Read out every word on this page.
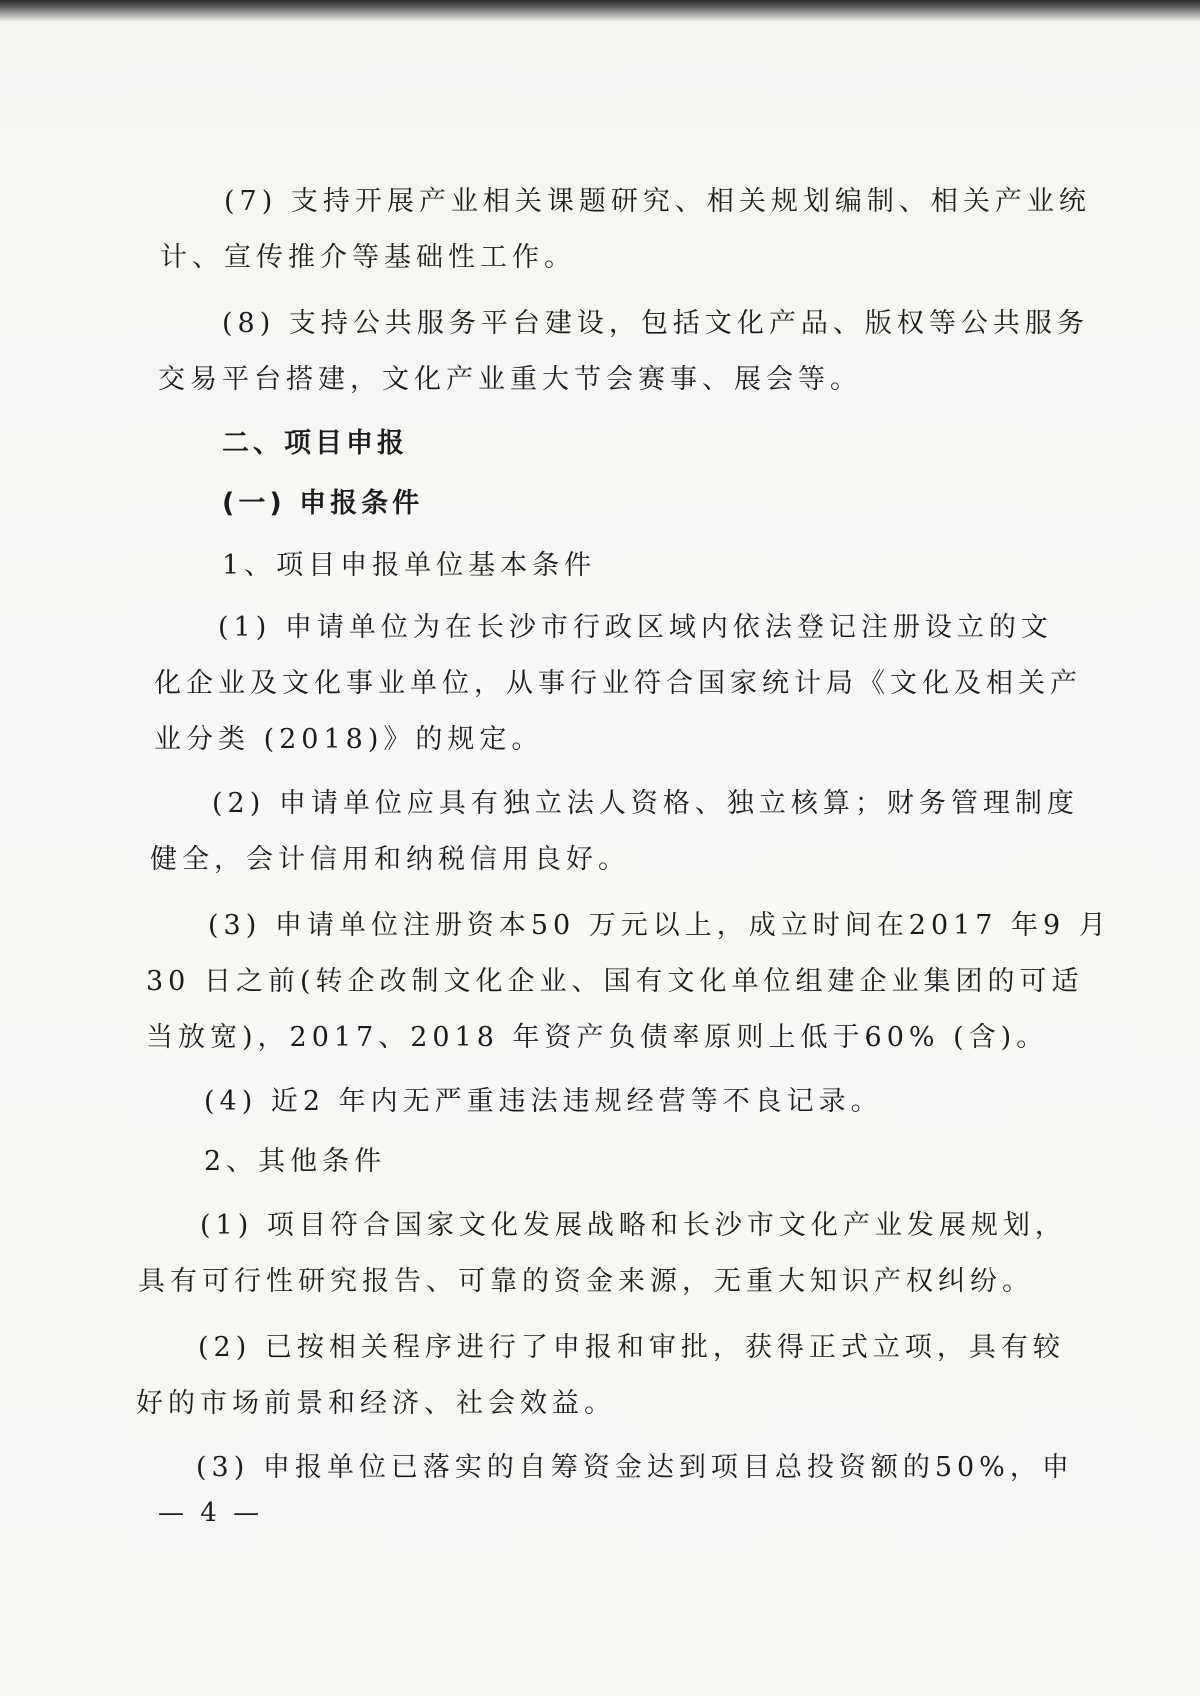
(7) 支持开展产业相关课题研究、相关规划编制、相关产业统
计、宣传推介等基础性工作。
(8) 支持公共服务平台建设，包括文化产品、版权等公共服务
交易平台搭建，文化产业重大节会赛事、展会等。
二、项目申报
(一) 申报条件
1、项目申报单位基本条件
(1) 申请单位为在长沙市行政区域内依法登记注册设立的文
化企业及文化事业单位，从事行业符合国家统计局《文化及相关产
业分类 (2018)》的规定。
(2) 申请单位应具有独立法人资格、独立核算；财务管理制度
健全，会计信用和纳税信用良好。
(3) 申请单位注册资本50 万元以上，成立时间在2017 年9 月
30 日之前(转企改制文化企业、国有文化单位组建企业集团的可适
当放宽)，2017、2018 年资产负债率原则上低于60% (含)。
(4) 近2 年内无严重违法违规经营等不良记录。
2、其他条件
(1) 项目符合国家文化发展战略和长沙市文化产业发展规划，
具有可行性研究报告、可靠的资金来源，无重大知识产权纠纷。
(2) 已按相关程序进行了申报和审批，获得正式立项，具有较
好的市场前景和经济、社会效益。
(3) 申报单位已落实的自筹资金达到项目总投资额的50%，申
— 4 —
